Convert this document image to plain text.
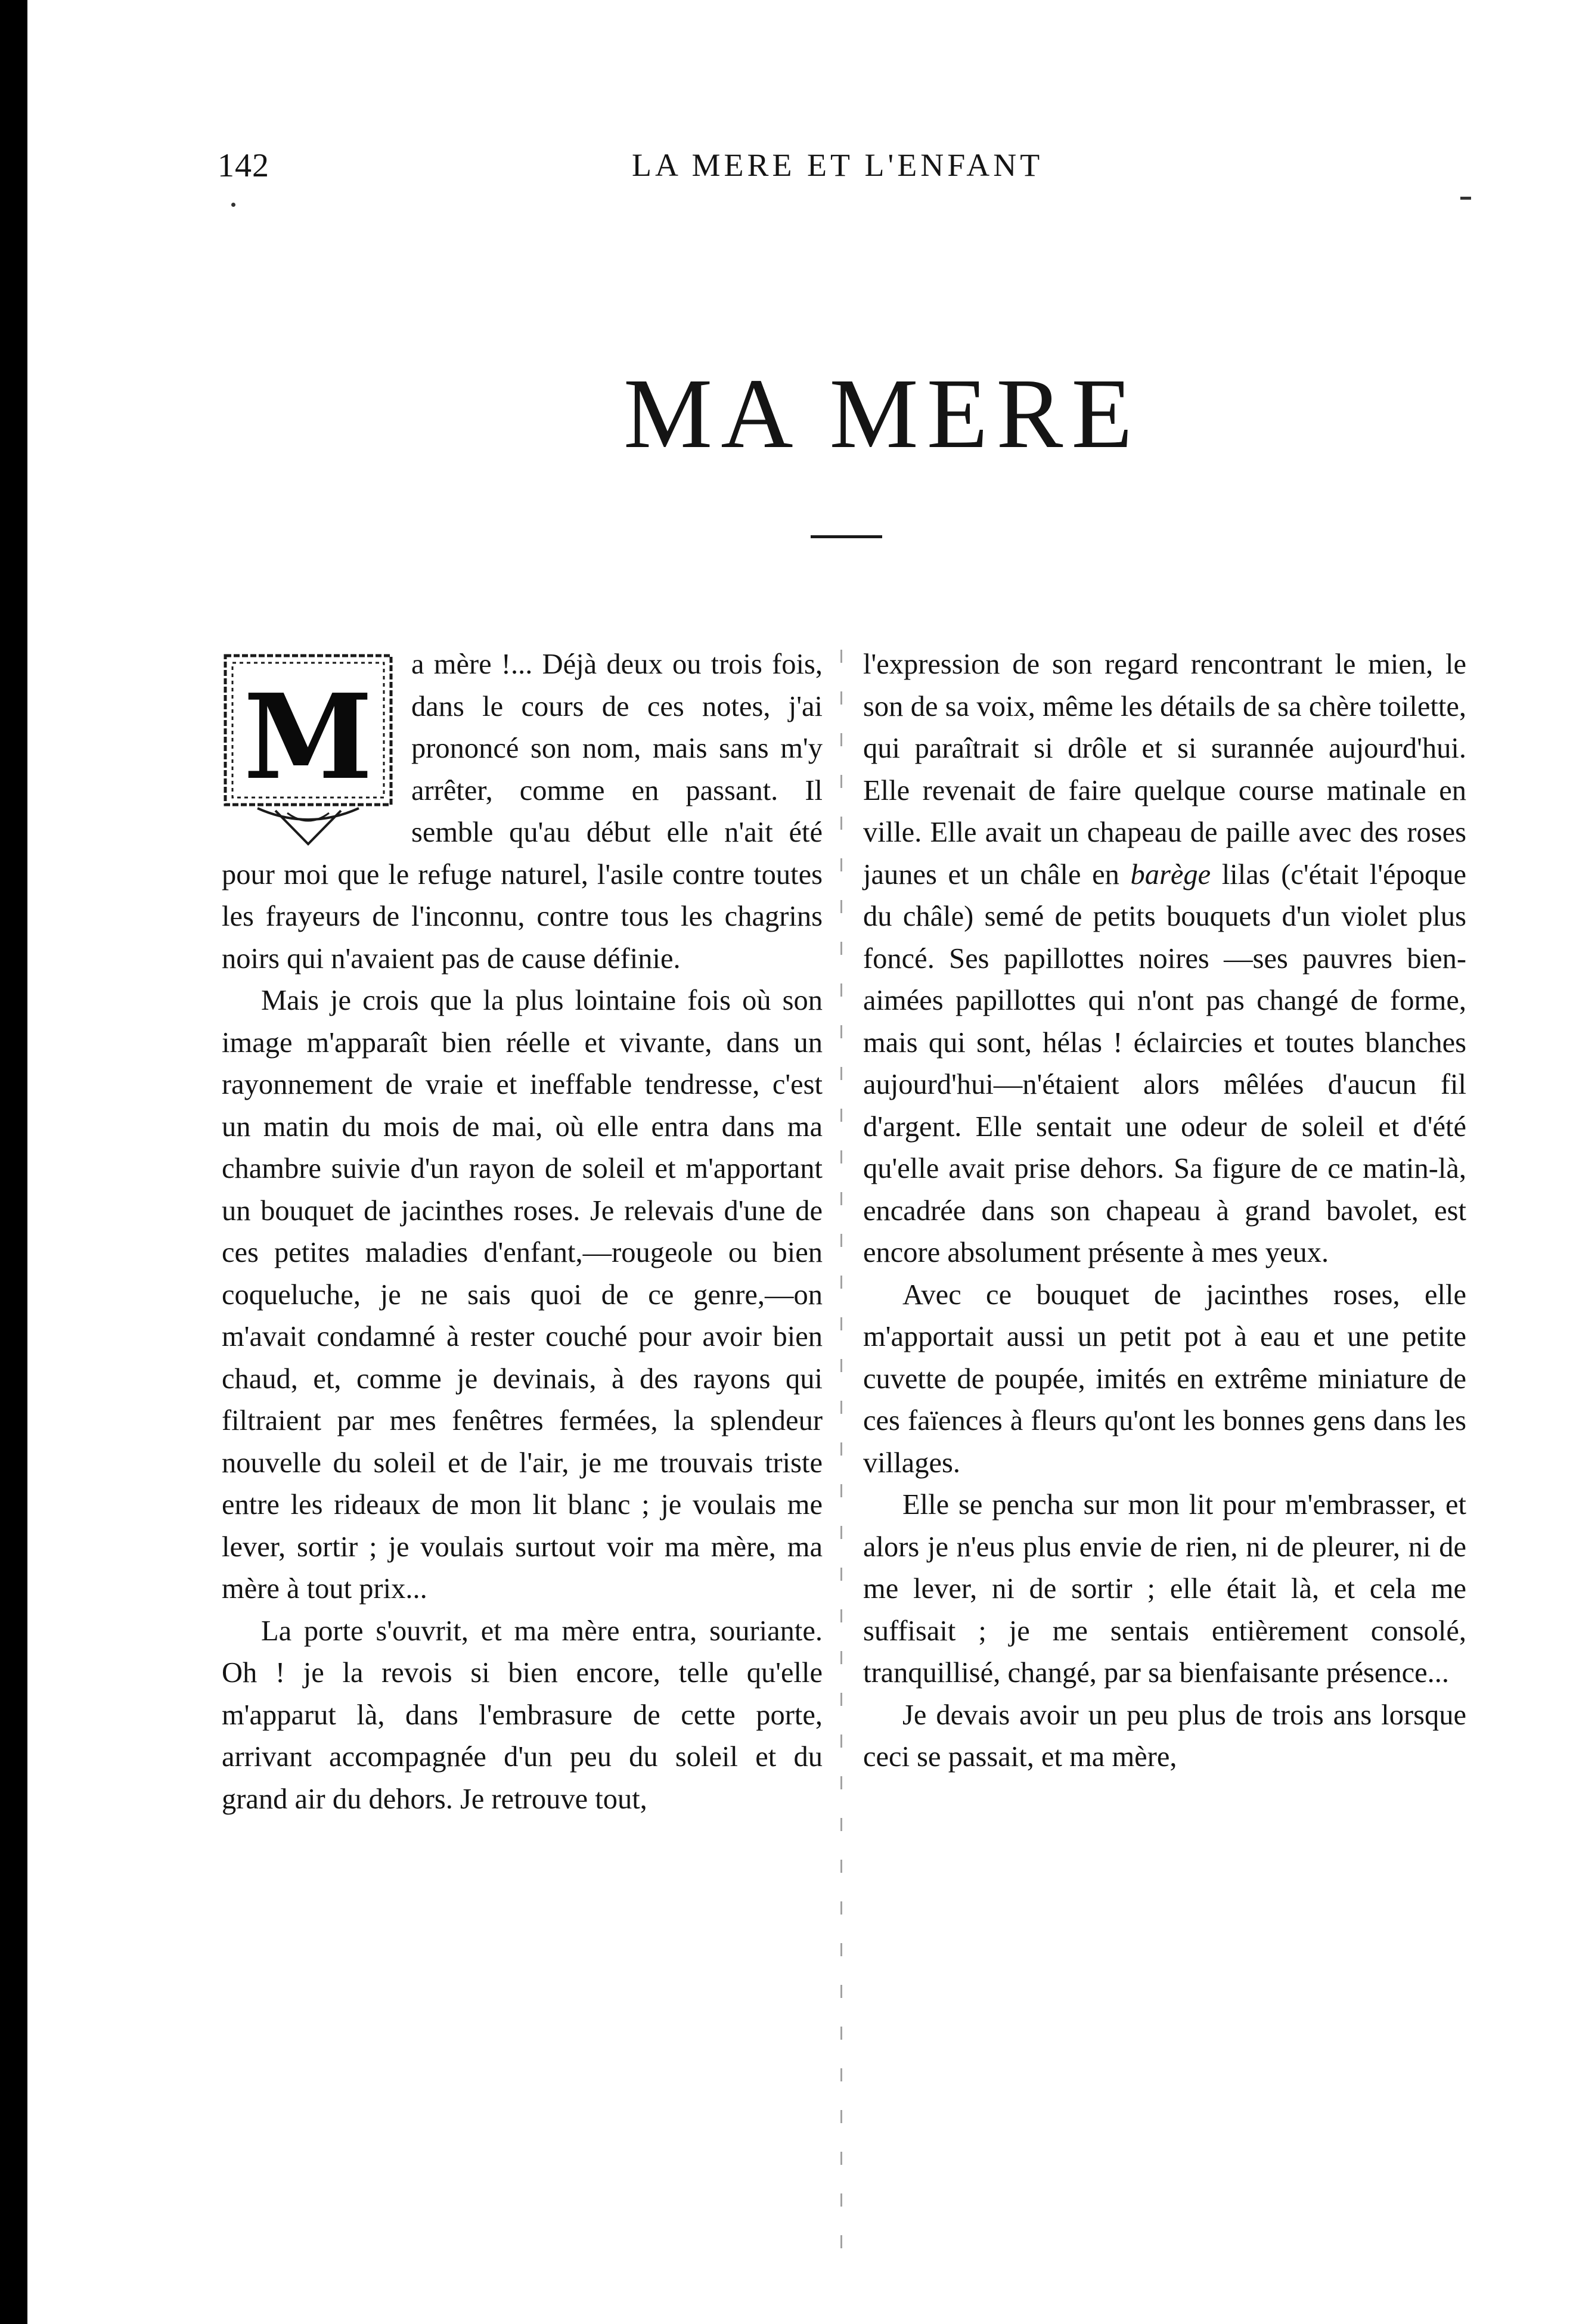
142	LA MERE ET L'ENFANT
MA MERE

M
a mère !... Déjà deux ou trois fois, dans le cours de ces notes, j'ai prononcé son nom, mais sans m'y arrêter, comme en passant. Il semble qu'au début elle n'ait été pour moi que le refuge naturel, l'asile contre toutes les frayeurs de l'inconnu, contre tous les chagrins noirs qui n'avaient pas de cause définie.

Mais je crois que la plus lointaine fois où son image m'apparaît bien réelle et vivante, dans un rayonnement de vraie et ineffable tendresse, c'est un matin du mois de mai, où elle entra dans ma chambre suivie d'un rayon de soleil et m'apportant un bouquet de jacinthes roses. Je relevais d'une de ces petites maladies d'enfant,—rougeole ou bien coqueluche, je ne sais quoi de ce genre,—on m'avait condamné à rester couché pour avoir bien chaud, et, comme je devinais, à des rayons qui filtraient par mes fenêtres fermées, la splendeur nouvelle du soleil et de l'air, je me trouvais triste entre les rideaux de mon lit blanc ; je voulais me lever, sortir ; je voulais surtout voir ma mère, ma mère à tout prix...

La porte s'ouvrit, et ma mère entra, souriante. Oh ! je la revois si bien encore, telle qu'elle m'apparut là, dans l'embrasure de cette porte, arrivant accompagnée d'un peu du soleil et du grand air du dehors. Je retrouve tout,

l'expression de son regard rencontrant le mien, le son de sa voix, même les détails de sa chère toilette, qui paraîtrait si drôle et si surannée aujourd'hui. Elle revenait de faire quelque course matinale en ville. Elle avait un chapeau de paille avec des roses jaunes et un châle en barège lilas (c'était l'époque du châle) semé de petits bouquets d'un violet plus foncé. Ses papillottes noires —ses pauvres bien-aimées papillottes qui n'ont pas changé de forme, mais qui sont, hélas ! éclaircies et toutes blanches aujourd'hui—n'étaient alors mêlées d'aucun fil d'argent. Elle sentait une odeur de soleil et d'été qu'elle avait prise dehors. Sa figure de ce matin-là, encadrée dans son chapeau à grand bavolet, est encore absolument présente à mes yeux.

Avec ce bouquet de jacinthes roses, elle m'apportait aussi un petit pot à eau et une petite cuvette de poupée, imités en extrême miniature de ces faïences à fleurs qu'ont les bonnes gens dans les villages.

Elle se pencha sur mon lit pour m'embrasser, et alors je n'eus plus envie de rien, ni de pleurer, ni de me lever, ni de sortir ; elle était là, et cela me suffisait ; je me sentais entièrement consolé, tranquillisé, changé, par sa bienfaisante présence...

Je devais avoir un peu plus de trois ans lorsque ceci se passait, et ma mère,
